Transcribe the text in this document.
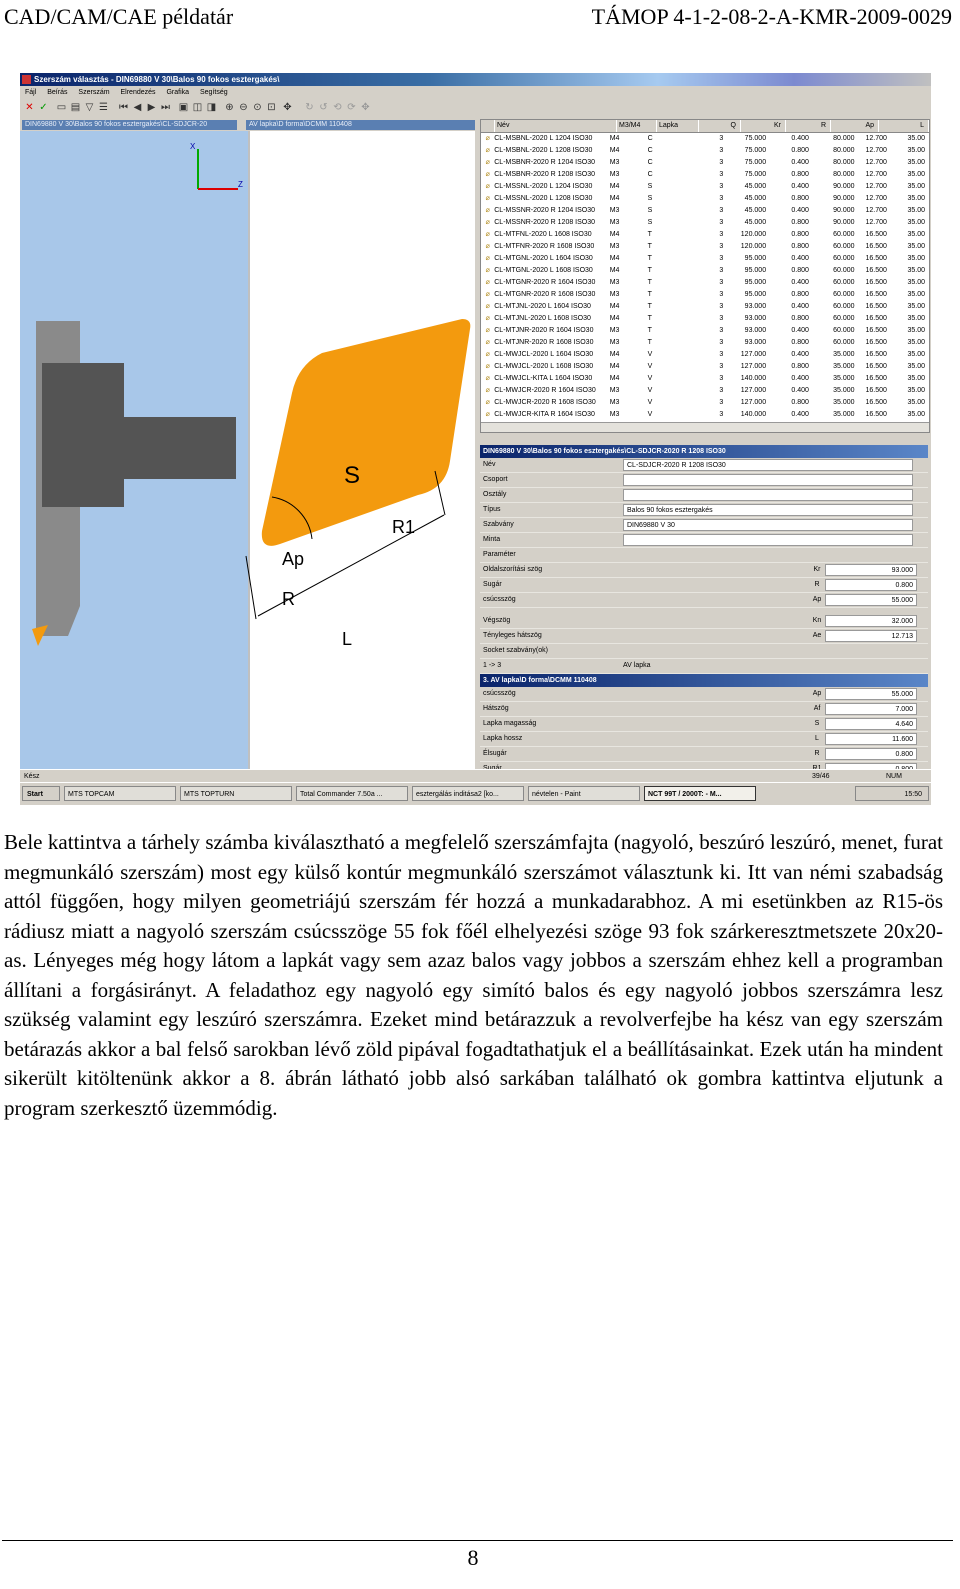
CAD/CAM/CAE példatár	TÁMOP 4-1-2-08-2-A-KMR-2009-0029
Szerszám választás - DIN69880 V 30\Balos 90 fokos esztergakés\
Fájl Beírás Szerszám Elrendezés Grafika Segítség
✕ ✓ ▭ ▤ ▽ ☰ ⏮ ◀ ▶ ⏭ ▣ ◫ ◨ ⊕ ⊖ ⊙ ⊡ ✥ ↻ ↺ ⟲ ⟳ ✥
DIN69880 V 30\Balos 90 fokos esztergakés\CL-SDJCR-20	AV lapka\D forma\DCMM 110408
X
Z
S
R1
Ap
R
L
Név	M3/M4	Lapka	Q	Kr	R	Ap	L
⌀ CL-MSBNL-2020 L 1204 ISO30	M4	C	3	75.000	0.400	80.000	12.700	35.00
⌀ CL-MSBNL-2020 L 1208 ISO30	M4	C	3	75.000	0.800	80.000	12.700	35.00
⌀ CL-MSBNR-2020 R 1204 ISO30	M3	C	3	75.000	0.400	80.000	12.700	35.00
⌀ CL-MSBNR-2020 R 1208 ISO30	M3	C	3	75.000	0.800	80.000	12.700	35.00
⌀ CL-MSSNL-2020 L 1204 ISO30	M4	S	3	45.000	0.400	90.000	12.700	35.00
⌀ CL-MSSNL-2020 L 1208 ISO30	M4	S	3	45.000	0.800	90.000	12.700	35.00
⌀ CL-MSSNR-2020 R 1204 ISO30	M3	S	3	45.000	0.400	90.000	12.700	35.00
⌀ CL-MSSNR-2020 R 1208 ISO30	M3	S	3	45.000	0.800	90.000	12.700	35.00
⌀ CL-MTFNL-2020 L 1608 ISO30	M4	T	3	120.000	0.800	60.000	16.500	35.00
⌀ CL-MTFNR-2020 R 1608 ISO30	M3	T	3	120.000	0.800	60.000	16.500	35.00
⌀ CL-MTGNL-2020 L 1604 ISO30	M4	T	3	95.000	0.400	60.000	16.500	35.00
⌀ CL-MTGNL-2020 L 1608 ISO30	M4	T	3	95.000	0.800	60.000	16.500	35.00
⌀ CL-MTGNR-2020 R 1604 ISO30	M3	T	3	95.000	0.400	60.000	16.500	35.00
⌀ CL-MTGNR-2020 R 1608 ISO30	M3	T	3	95.000	0.800	60.000	16.500	35.00
⌀ CL-MTJNL-2020 L 1604 ISO30	M4	T	3	93.000	0.400	60.000	16.500	35.00
⌀ CL-MTJNL-2020 L 1608 ISO30	M4	T	3	93.000	0.800	60.000	16.500	35.00
⌀ CL-MTJNR-2020 R 1604 ISO30	M3	T	3	93.000	0.400	60.000	16.500	35.00
⌀ CL-MTJNR-2020 R 1608 ISO30	M3	T	3	93.000	0.800	60.000	16.500	35.00
⌀ CL-MWJCL-2020 L 1604 ISO30	M4	V	3	127.000	0.400	35.000	16.500	35.00
⌀ CL-MWJCL-2020 L 1608 ISO30	M4	V	3	127.000	0.800	35.000	16.500	35.00
⌀ CL-MWJCL-KITA L 1604 ISO30	M4	V	3	140.000	0.400	35.000	16.500	35.00
⌀ CL-MWJCR-2020 R 1604 ISO30	M3	V	3	127.000	0.400	35.000	16.500	35.00
⌀ CL-MWJCR-2020 R 1608 ISO30	M3	V	3	127.000	0.800	35.000	16.500	35.00
⌀ CL-MWJCR-KITA R 1604 ISO30	M3	V	3	140.000	0.400	35.000	16.500	35.00
DIN69880 V 30\Balos 90 fokos esztergakés\CL-SDJCR-2020 R 1208 ISO30
Név	CL-SDJCR-2020 R 1208 ISO30
Csoport
Osztály
Típus	Balos 90 fokos esztergakés
Szabvány	DIN69880 V 30
Minta
Paraméter
Oldalszorítási szög	Kr	93.000
Sugár	R	0.800
csúcsszög	Ap	55.000
Végszög	Kn	32.000
Tényleges hátszög	Ae	12.713
Socket szabvány(ok)
1 -> 3	AV lapka
3. AV lapka\D forma\DCMM 110408
csúcsszög	Ap	55.000
Hátszög	Af	7.000
Lapka magasság	S	4.640
Lapka hossz	L	11.600
Élsugár	R	0.800
Kész	39/46	NUM
Start	MTS TOPCAM	MTS TOPTURN	Total Commander 7.50a ...	esztergálás inditása2 [ko...	névtelen - Paint	NCT 99T / 2000T: - M...	15:50
Bele kattintva a tárhely számba kiválasztható a megfelelő szerszámfajta (nagyoló, beszúró leszúró, menet, furat megmunkáló szerszám) most egy külső kontúr megmunkáló szerszámot választunk ki. Itt van némi szabadság attól függően, hogy milyen geometriájú szerszám fér hozzá a munkadarabhoz. A mi esetünkben az R15-ös rádiusz miatt a nagyoló szerszám csúcsszöge 55 fok főél elhelyezési szöge 93 fok szárkeresztmetszete 20x20-as. Lényeges még hogy látom a lapkát vagy sem azaz balos vagy jobbos a szerszám ehhez kell a programban állítani a forgásirányt. A feladathoz egy nagyoló egy simító balos és egy nagyoló jobbos szerszámra lesz szükség valamint egy leszúró szerszámra. Ezeket mind betárazzuk a revolverfejbe ha kész van egy szerszám betárazás akkor a bal felső sarokban lévő zöld pipával fogadtathatjuk el a beállításainkat. Ezek után ha mindent sikerült kitöltenünk akkor a 8. ábrán látható jobb alsó sarkában található ok gombra kattintva eljutunk a program szerkesztő üzemmódig.
8
